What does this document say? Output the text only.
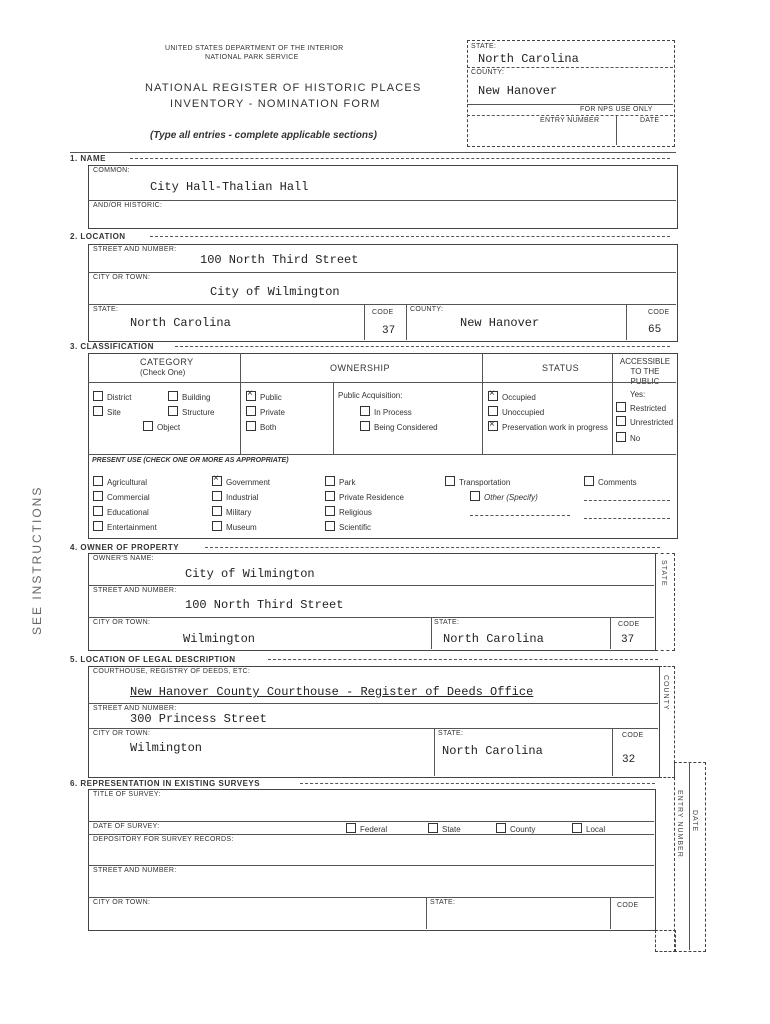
UNITED STATES DEPARTMENT OF THE INTERIOR
NATIONAL PARK SERVICE
NATIONAL REGISTER OF HISTORIC PLACES
INVENTORY - NOMINATION FORM
(Type all entries - complete applicable sections)
STATE:
North Carolina
COUNTY:
New Hanover
FOR NPS USE ONLY
ENTRY NUMBER	DATE
SEE INSTRUCTIONS
1. NAME
COMMON:
City Hall-Thalian Hall
AND/OR HISTORIC:
2. LOCATION
STREET AND NUMBER:
100 North Third Street
CITY OR TOWN:
City of Wilmington
STATE:
North Carolina
CODE
37
COUNTY:
New Hanover
CODE
65
3. CLASSIFICATION
CATEGORY
(Check One)	OWNERSHIP	STATUS
ACCESSIBLE TO THE PUBLIC
District	Building
Site	Structure
Object
×Public
Private
Both
Public Acquisition:
In Process
Being Considered
×Occupied
Unoccupied
×Preservation work in progress
Yes:
Restricted
Unrestricted
No
PRESENT USE (CHECK ONE OR MORE AS APPROPRIATE)
Agricultural
Commercial
Educational
Entertainment
×Government
Industrial
Military
Museum
Park
Private Residence
Religious
Scientific
Transportation
Other (Specify)
Comments
4. OWNER OF PROPERTY
OWNER'S NAME:
City of Wilmington
STREET AND NUMBER:
100 North Third Street
CITY OR TOWN:
Wilmington
STATE:
North Carolina
CODE
37
STATE
5. LOCATION OF LEGAL DESCRIPTION
COURTHOUSE, REGISTRY OF DEEDS, ETC:
New Hanover County Courthouse - Register of Deeds Office
STREET AND NUMBER:
300 Princess Street
CITY OR TOWN:
Wilmington
STATE:
North Carolina
CODE
32
COUNTY
6. REPRESENTATION IN EXISTING SURVEYS
TITLE OF SURVEY:
DATE OF SURVEY:	Federal	State	County	Local
DEPOSITORY FOR SURVEY RECORDS:
STREET AND NUMBER:
CITY OR TOWN:	STATE:	CODE
ENTRY NUMBER DATE
